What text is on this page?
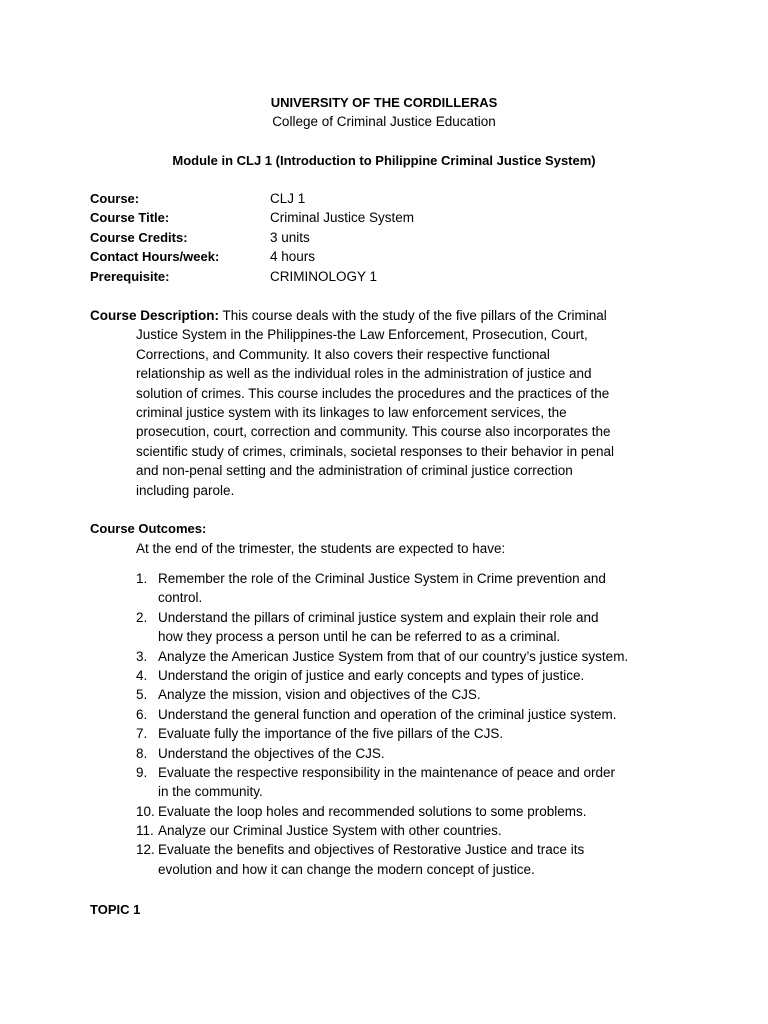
UNIVERSITY OF THE CORDILLERAS
College of Criminal Justice Education
Module in CLJ 1 (Introduction to Philippine Criminal Justice System)
Course:	CLJ 1
Course Title:	Criminal Justice System
Course Credits:	3 units
Contact Hours/week:	4 hours
Prerequisite:	CRIMINOLOGY 1
Course Description: This course deals with the study of the five pillars of the Criminal
Justice System in the Philippines-the Law Enforcement, Prosecution, Court,
Corrections, and Community. It also covers their respective functional
relationship as well as the individual roles in the administration of justice and
solution of crimes. This course includes the procedures and the practices of the
criminal justice system with its linkages to law enforcement services, the
prosecution, court, correction and community. This course also incorporates the
scientific study of crimes, criminals, societal responses to their behavior in penal
and non-penal setting and the administration of criminal justice correction
including parole.
Course Outcomes:
At the end of the trimester, the students are expected to have:
1. Remember the role of the Criminal Justice System in Crime prevention and
control.
2. Understand the pillars of criminal justice system and explain their role and
how they process a person until he can be referred to as a criminal.
3. Analyze the American Justice System from that of our country’s justice system.
4. Understand the origin of justice and early concepts and types of justice.
5. Analyze the mission, vision and objectives of the CJS.
6. Understand the general function and operation of the criminal justice system.
7. Evaluate fully the importance of the five pillars of the CJS.
8. Understand the objectives of the CJS.
9. Evaluate the respective responsibility in the maintenance of peace and order
in the community.
10. Evaluate the loop holes and recommended solutions to some problems.
11. Analyze our Criminal Justice System with other countries.
12. Evaluate the benefits and objectives of Restorative Justice and trace its
evolution and how it can change the modern concept of justice.
TOPIC 1
